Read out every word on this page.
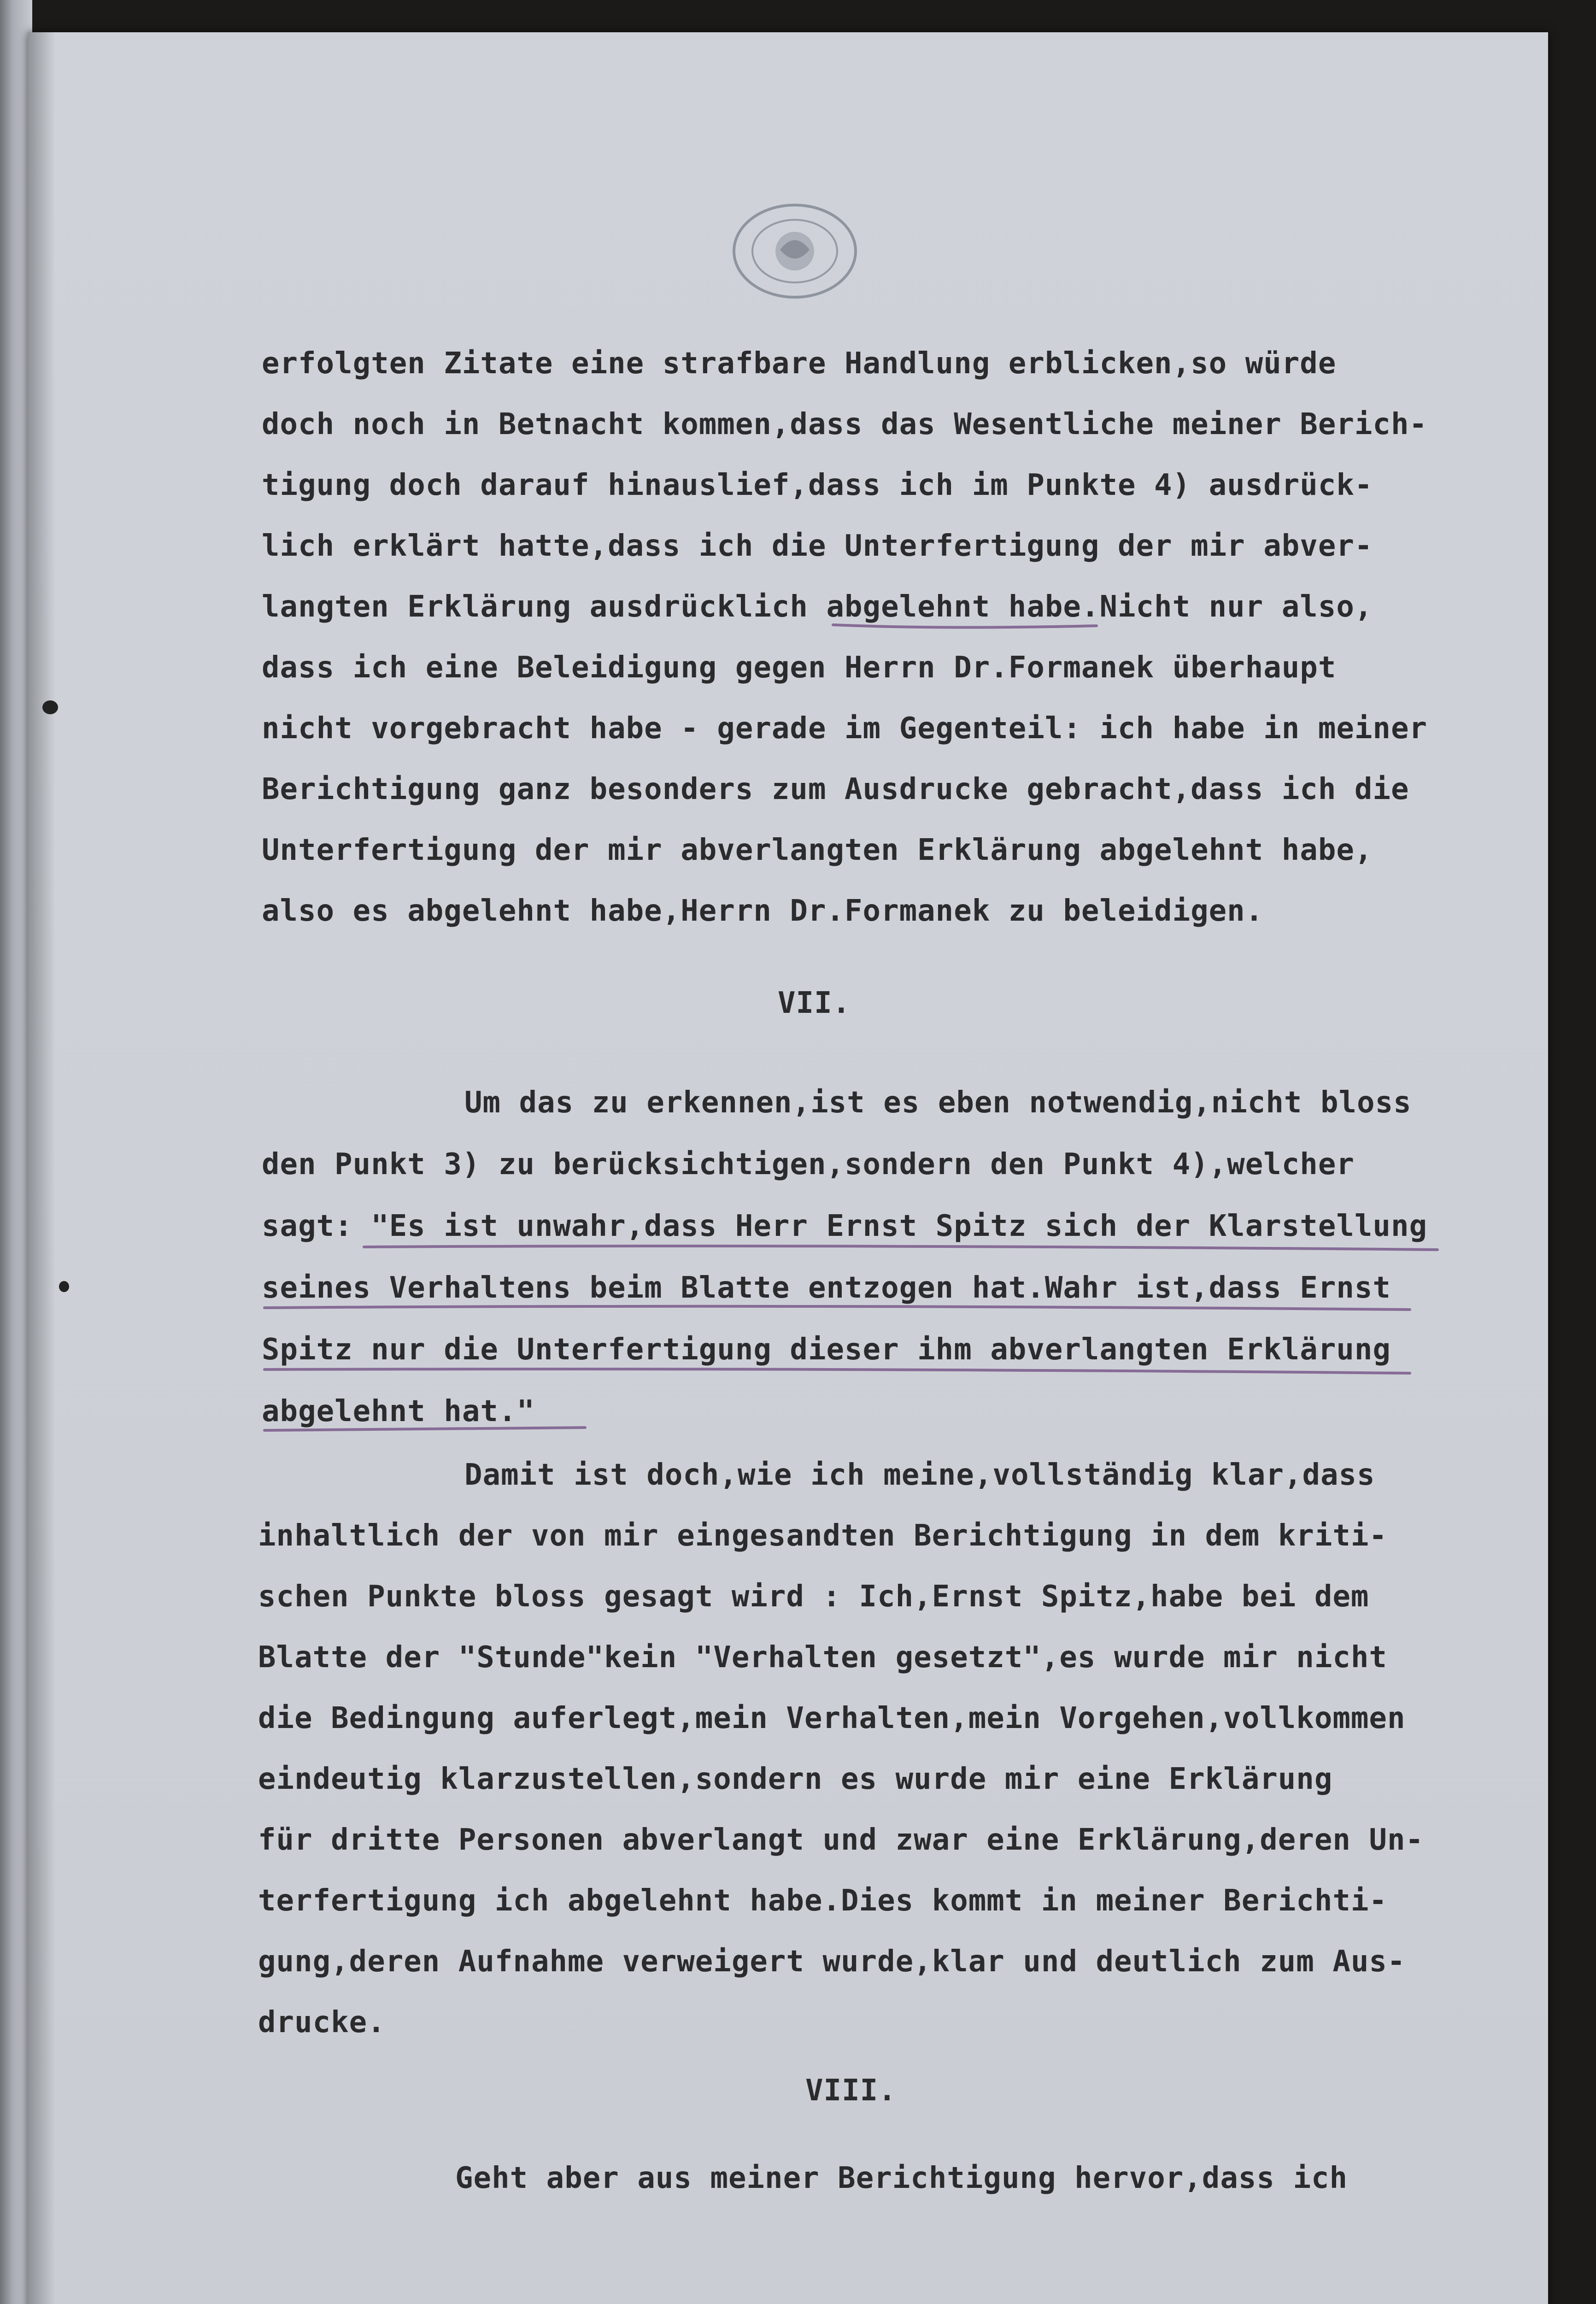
erfolgten Zitate eine strafbare Handlung erblicken,so würde
doch noch in Betnacht kommen,dass das Wesentliche meiner Berich-
tigung doch darauf hinauslief,dass ich im Punkte 4) ausdrück-
lich erklärt hatte,dass ich die Unterfertigung der mir abver-
langten Erklärung ausdrücklich abgelehnt habe.Nicht nur also,
dass ich eine Beleidigung gegen Herrn Dr.Formanek überhaupt
nicht vorgebracht habe - gerade im Gegenteil: ich habe in meiner
Berichtigung ganz besonders zum Ausdrucke gebracht,dass ich die
Unterfertigung der mir abverlangten Erklärung abgelehnt habe,
also es abgelehnt habe,Herrn Dr.Formanek zu beleidigen.
VII.
Um das zu erkennen,ist es eben notwendig,nicht bloss
den Punkt 3) zu berücksichtigen,sondern den Punkt 4),welcher
sagt: "Es ist unwahr,dass Herr Ernst Spitz sich der Klarstellung
seines Verhaltens beim Blatte entzogen hat.Wahr ist,dass Ernst
Spitz nur die Unterfertigung dieser ihm abverlangten Erklärung
abgelehnt hat."
Damit ist doch,wie ich meine,vollständig klar,dass
inhaltlich der von mir eingesandten Berichtigung in dem kriti-
schen Punkte bloss gesagt wird : Ich,Ernst Spitz,habe bei dem
Blatte der "Stunde"kein "Verhalten gesetzt",es wurde mir nicht
die Bedingung auferlegt,mein Verhalten,mein Vorgehen,vollkommen
eindeutig klarzustellen,sondern es wurde mir eine Erklärung
für dritte Personen abverlangt und zwar eine Erklärung,deren Un-
terfertigung ich abgelehnt habe.Dies kommt in meiner Berichti-
gung,deren Aufnahme verweigert wurde,klar und deutlich zum Aus-
drucke.
VIII.
Geht aber aus meiner Berichtigung hervor,dass ich
